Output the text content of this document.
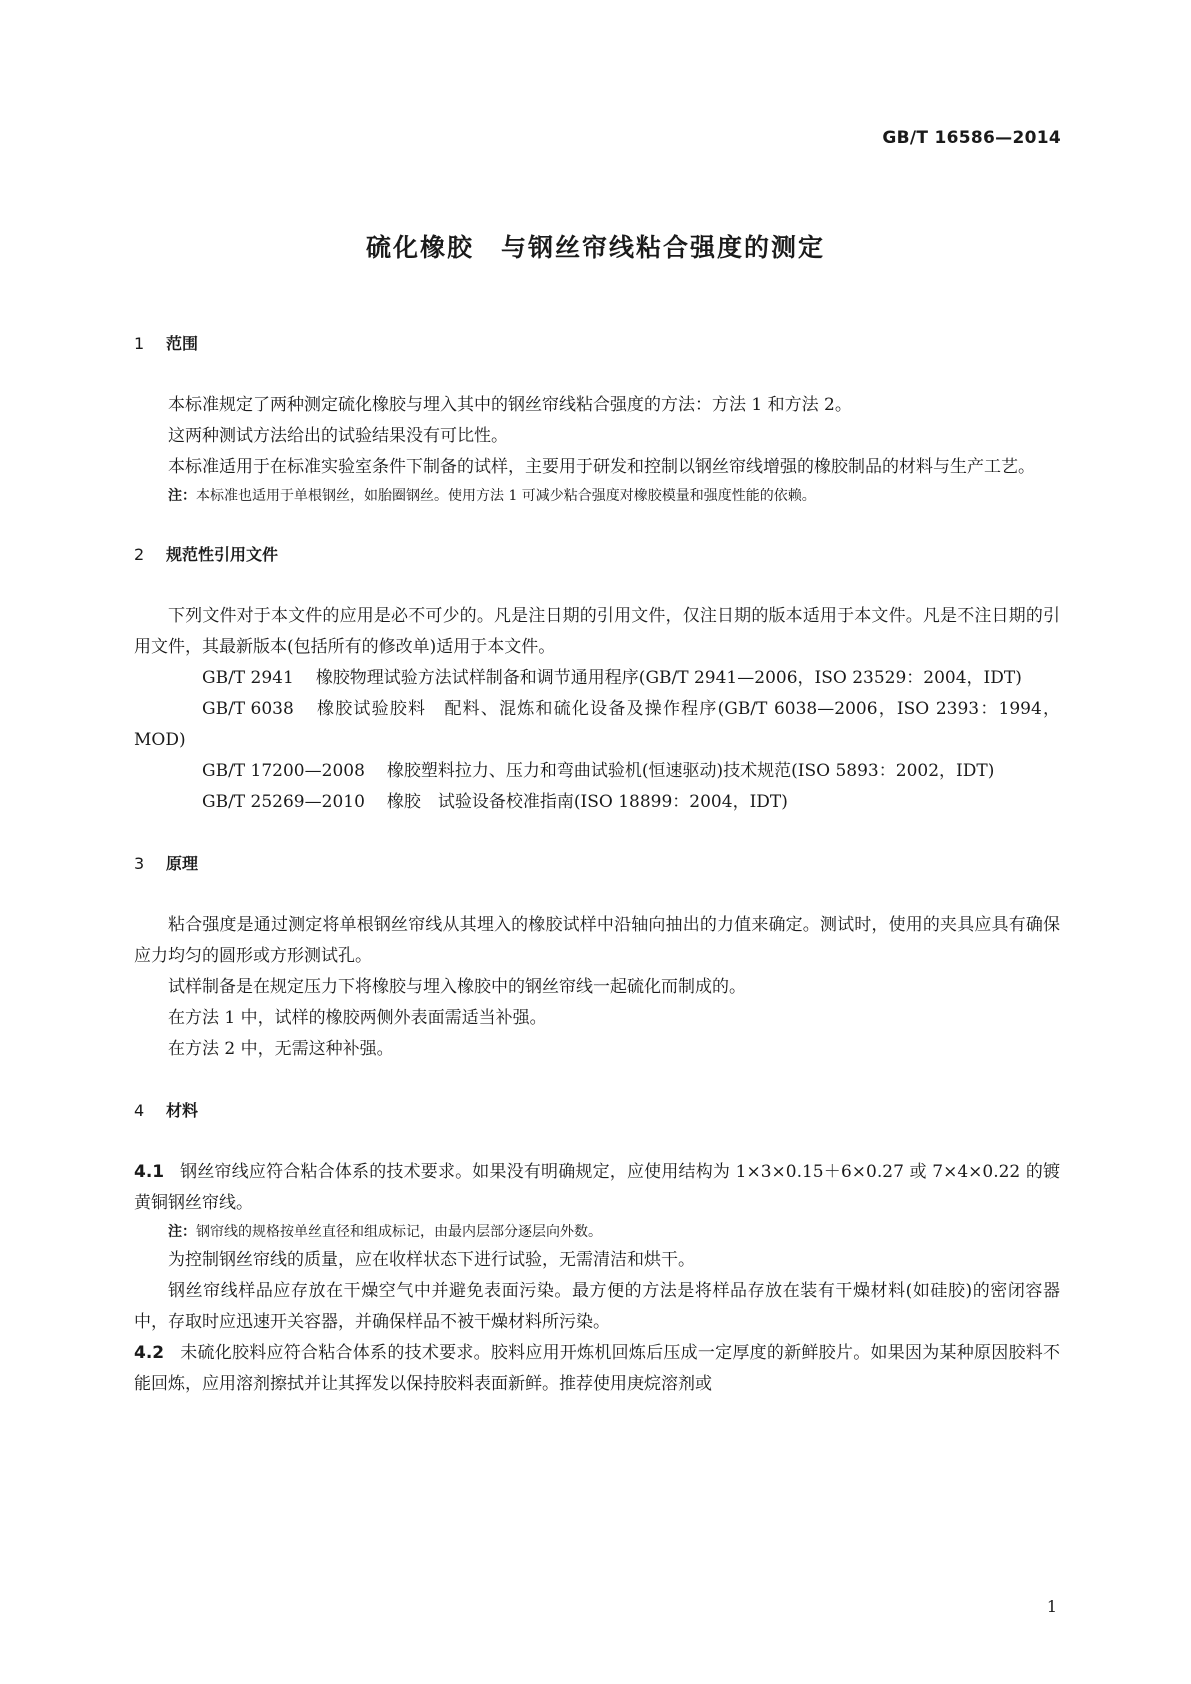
GB/T 16586—2014
硫化橡胶　与钢丝帘线粘合强度的测定
1 范围

本标准规定了两种测定硫化橡胶与埋入其中的钢丝帘线粘合强度的方法：方法 1 和方法 2。

这两种测试方法给出的试验结果没有可比性。

本标准适用于在标准实验室条件下制备的试样，主要用于研发和控制以钢丝帘线增强的橡胶制品的材料与生产工艺。

注：本标准也适用于单根钢丝，如胎圈钢丝。使用方法 1 可减少粘合强度对橡胶模量和强度性能的依赖。

2 规范性引用文件

下列文件对于本文件的应用是必不可少的。凡是注日期的引用文件，仅注日期的版本适用于本文件。凡是不注日期的引用文件，其最新版本(包括所有的修改单)适用于本文件。

GB/T 2941 橡胶物理试验方法试样制备和调节通用程序(GB/T 2941—2006，ISO 23529：2004，IDT)

GB/T 6038 橡胶试验胶料　配料、混炼和硫化设备及操作程序(GB/T 6038—2006，ISO 2393：1994，MOD)

GB/T 17200—2008 橡胶塑料拉力、压力和弯曲试验机(恒速驱动)技术规范(ISO 5893：2002，IDT)

GB/T 25269—2010 橡胶　试验设备校准指南(ISO 18899：2004，IDT)

3 原理

粘合强度是通过测定将单根钢丝帘线从其埋入的橡胶试样中沿轴向抽出的力值来确定。测试时，使用的夹具应具有确保应力均匀的圆形或方形测试孔。

试样制备是在规定压力下将橡胶与埋入橡胶中的钢丝帘线一起硫化而制成的。

在方法 1 中，试样的橡胶两侧外表面需适当补强。

在方法 2 中，无需这种补强。

4 材料

4.1 钢丝帘线应符合粘合体系的技术要求。如果没有明确规定，应使用结构为 1×3×0.15＋6×0.27 或 7×4×0.22 的镀黄铜钢丝帘线。

注：钢帘线的规格按单丝直径和组成标记，由最内层部分逐层向外数。

为控制钢丝帘线的质量，应在收样状态下进行试验，无需清洁和烘干。

钢丝帘线样品应存放在干燥空气中并避免表面污染。最方便的方法是将样品存放在装有干燥材料(如硅胶)的密闭容器中，存取时应迅速开关容器，并确保样品不被干燥材料所污染。

4.2 未硫化胶料应符合粘合体系的技术要求。胶料应用开炼机回炼后压成一定厚度的新鲜胶片。如果因为某种原因胶料不能回炼，应用溶剂擦拭并让其挥发以保持胶料表面新鲜。推荐使用庚烷溶剂或

1
